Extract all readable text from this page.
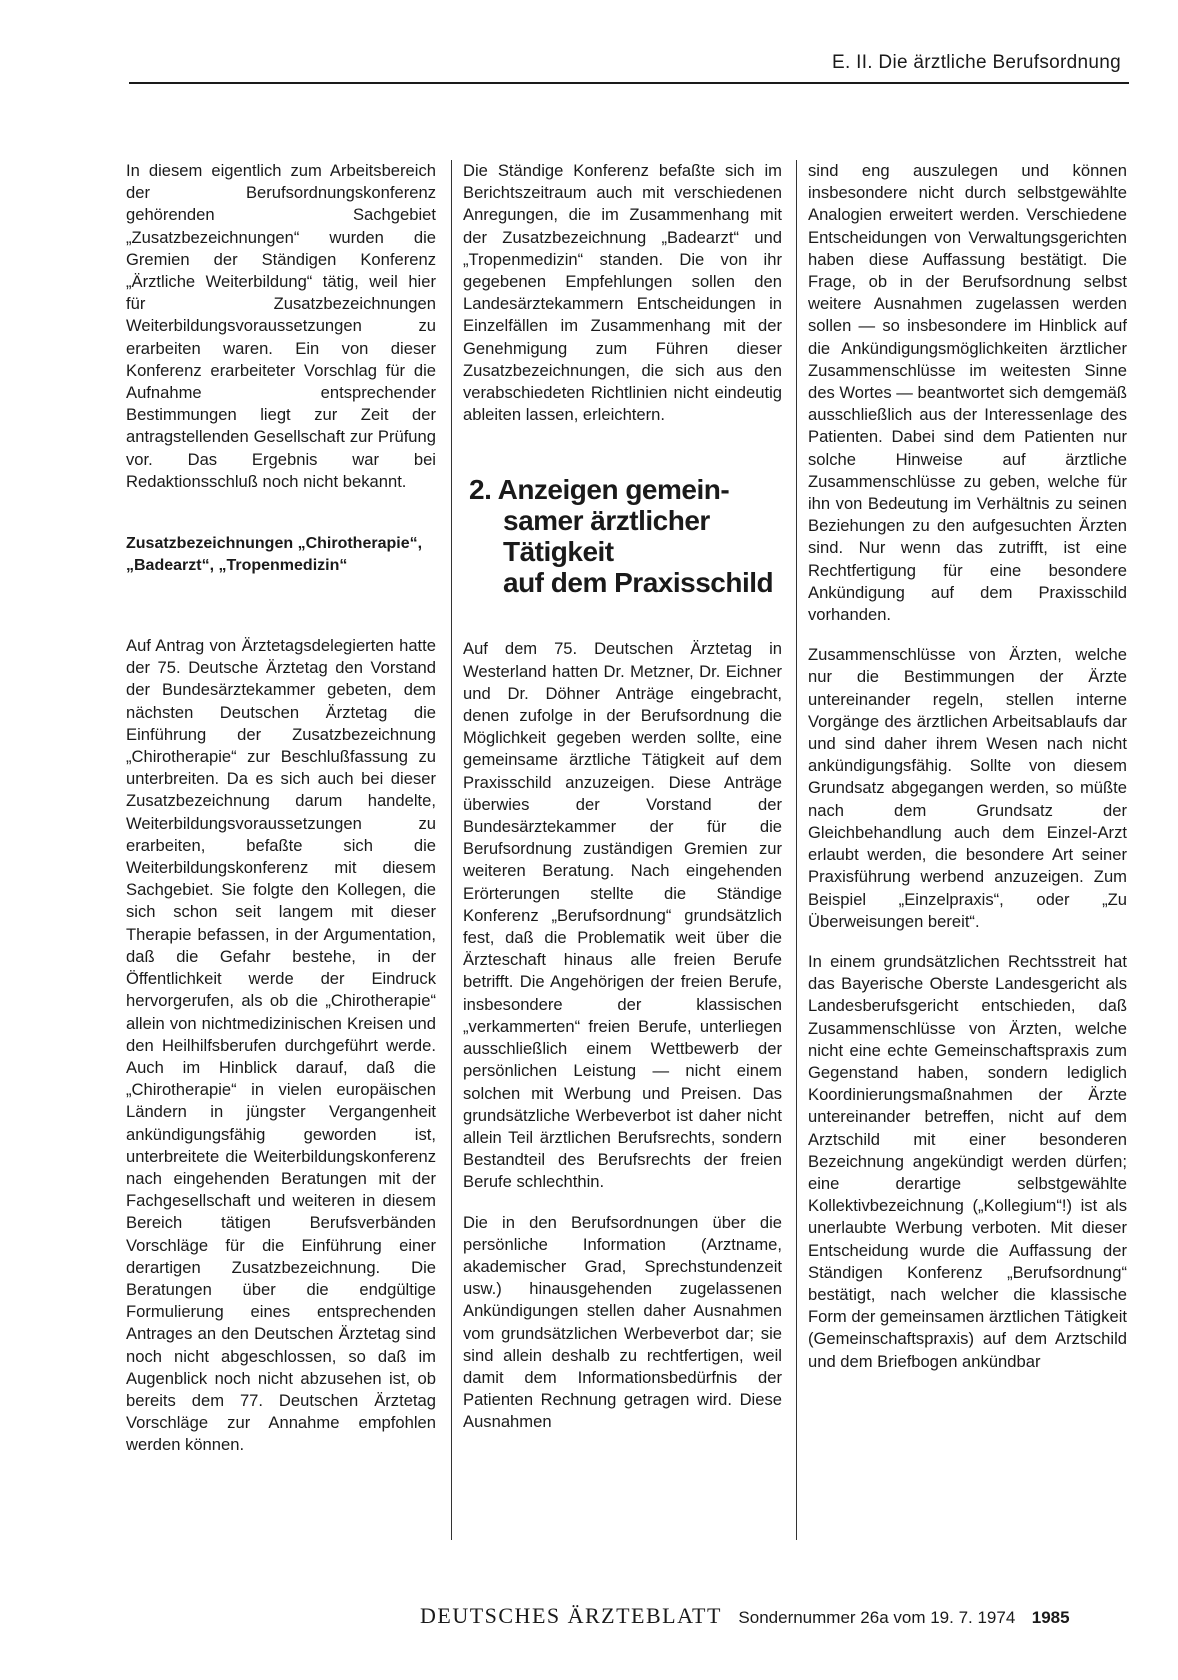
E. II. Die ärztliche Berufsordnung

In diesem eigentlich zum Arbeitsbereich der Berufsordnungskonferenz gehörenden Sachgebiet „Zusatzbezeichnungen“ wurden die Gremien der Ständigen Konferenz „Ärztliche Weiterbildung“ tätig, weil hier für Zusatzbezeichnungen Weiterbildungsvoraussetzungen zu erarbeiten waren. Ein von dieser Konferenz erarbeiteter Vorschlag für die Aufnahme entsprechender Bestimmungen liegt zur Zeit der antragstellenden Gesellschaft zur Prüfung vor. Das Ergebnis war bei Redaktionsschluß noch nicht bekannt.

Zusatzbezeichnungen „Chirotherapie“, „Badearzt“, „Tropenmedizin“

Auf Antrag von Ärztetagsdelegierten hatte der 75. Deutsche Ärztetag den Vorstand der Bundesärztekammer gebeten, dem nächsten Deutschen Ärztetag die Einführung der Zusatzbezeichnung „Chirotherapie“ zur Beschlußfassung zu unterbreiten. Da es sich auch bei dieser Zusatzbezeichnung darum handelte, Weiterbildungsvoraussetzungen zu erarbeiten, befaßte sich die Weiterbildungskonferenz mit diesem Sachgebiet. Sie folgte den Kollegen, die sich schon seit langem mit dieser Therapie befassen, in der Argumentation, daß die Gefahr bestehe, in der Öffentlichkeit werde der Eindruck hervorgerufen, als ob die „Chirotherapie“ allein von nichtmedizinischen Kreisen und den Heilhilfsberufen durchgeführt werde. Auch im Hinblick darauf, daß die „Chirotherapie“ in vielen europäischen Ländern in jüngster Vergangenheit ankündigungsfähig geworden ist, unterbreitete die Weiterbildungskonferenz nach eingehenden Beratungen mit der Fachgesellschaft und weiteren in diesem Bereich tätigen Berufsverbänden Vorschläge für die Einführung einer derartigen Zusatzbezeichnung. Die Beratungen über die endgültige Formulierung eines entsprechenden Antrages an den Deutschen Ärztetag sind noch nicht abgeschlossen, so daß im Augenblick noch nicht abzusehen ist, ob bereits dem 77. Deutschen Ärztetag Vorschläge zur Annahme empfohlen werden können.

Die Ständige Konferenz befaßte sich im Berichtszeitraum auch mit verschiedenen Anregungen, die im Zusammenhang mit der Zusatzbezeichnung „Badearzt“ und „Tropenmedizin“ standen. Die von ihr gegebenen Empfehlungen sollen den Landesärztekammern Entscheidungen in Einzelfällen im Zusammenhang mit der Genehmigung zum Führen dieser Zusatzbezeichnungen, die sich aus den verabschiedeten Richtlinien nicht eindeutig ableiten lassen, erleichtern.

2. Anzeigen gemein-
samer ärztlicher
Tätigkeit
auf dem Praxisschild

Auf dem 75. Deutschen Ärztetag in Westerland hatten Dr. Metzner, Dr. Eichner und Dr. Döhner Anträge eingebracht, denen zufolge in der Berufsordnung die Möglichkeit gegeben werden sollte, eine gemeinsame ärztliche Tätigkeit auf dem Praxisschild anzuzeigen. Diese Anträge überwies der Vorstand der Bundesärztekammer der für die Berufsordnung zuständigen Gremien zur weiteren Beratung. Nach eingehenden Erörterungen stellte die Ständige Konferenz „Berufsordnung“ grundsätzlich fest, daß die Problematik weit über die Ärzteschaft hinaus alle freien Berufe betrifft. Die Angehörigen der freien Berufe, insbesondere der klassischen „verkammerten“ freien Berufe, unterliegen ausschließlich einem Wettbewerb der persönlichen Leistung — nicht einem solchen mit Werbung und Preisen. Das grundsätzliche Werbeverbot ist daher nicht allein Teil ärztlichen Berufsrechts, sondern Bestandteil des Berufsrechts der freien Berufe schlechthin.

Die in den Berufsordnungen über die persönliche Information (Arztname, akademischer Grad, Sprechstundenzeit usw.) hinausgehenden zugelassenen Ankündigungen stellen daher Ausnahmen vom grundsätzlichen Werbeverbot dar; sie sind allein deshalb zu rechtfertigen, weil damit dem Informationsbedürfnis der Patienten Rechnung getragen wird. Diese Ausnahmen

sind eng auszulegen und können insbesondere nicht durch selbstgewählte Analogien erweitert werden. Verschiedene Entscheidungen von Verwaltungsgerichten haben diese Auffassung bestätigt. Die Frage, ob in der Berufsordnung selbst weitere Ausnahmen zugelassen werden sollen — so insbesondere im Hinblick auf die Ankündigungsmöglichkeiten ärztlicher Zusammenschlüsse im weitesten Sinne des Wortes — beantwortet sich demgemäß ausschließlich aus der Interessenlage des Patienten. Dabei sind dem Patienten nur solche Hinweise auf ärztliche Zusammenschlüsse zu geben, welche für ihn von Bedeutung im Verhältnis zu seinen Beziehungen zu den aufgesuchten Ärzten sind. Nur wenn das zutrifft, ist eine Rechtfertigung für eine besondere Ankündigung auf dem Praxisschild vorhanden.

Zusammenschlüsse von Ärzten, welche nur die Bestimmungen der Ärzte untereinander regeln, stellen interne Vorgänge des ärztlichen Arbeitsablaufs dar und sind daher ihrem Wesen nach nicht ankündigungsfähig. Sollte von diesem Grundsatz abgegangen werden, so müßte nach dem Grundsatz der Gleichbehandlung auch dem Einzel-Arzt erlaubt werden, die besondere Art seiner Praxisführung werbend anzuzeigen. Zum Beispiel „Einzelpraxis“, oder „Zu Überweisungen bereit“.

In einem grundsätzlichen Rechtsstreit hat das Bayerische Oberste Landesgericht als Landesberufsgericht entschieden, daß Zusammenschlüsse von Ärzten, welche nicht eine echte Gemeinschaftspraxis zum Gegenstand haben, sondern lediglich Koordinierungsmaßnahmen der Ärzte untereinander betreffen, nicht auf dem Arztschild mit einer besonderen Bezeichnung angekündigt werden dürfen; eine derartige selbstgewählte Kollektivbezeichnung („Kollegium“!) ist als unerlaubte Werbung verboten. Mit dieser Entscheidung wurde die Auffassung der Ständigen Konferenz „Berufsordnung“ bestätigt, nach welcher die klassische Form der gemeinsamen ärztlichen Tätigkeit (Gemeinschaftspraxis) auf dem Arztschild und dem Briefbogen ankündbar

DEUTSCHES ÄRZTEBLATT Sondernummer 26a vom 19. 7. 1974 1985
